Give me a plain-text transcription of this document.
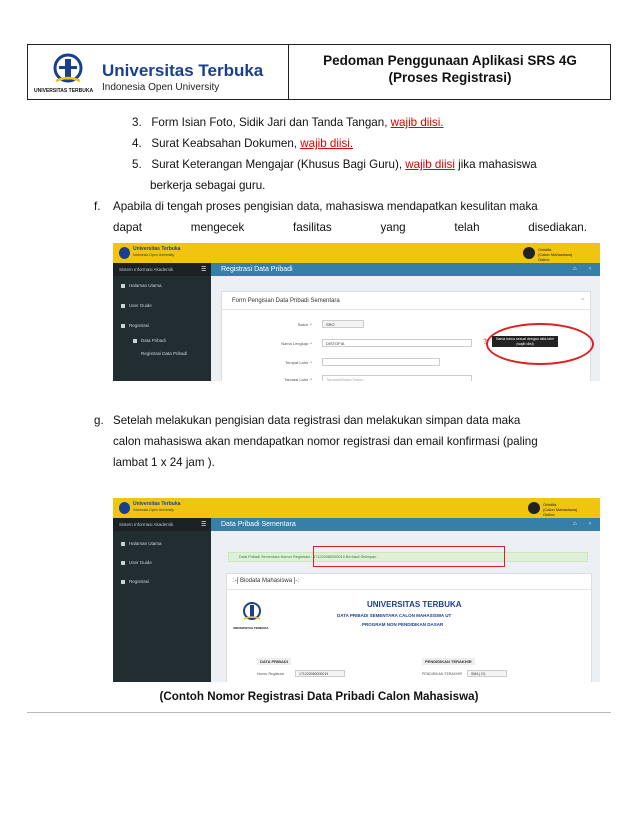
Universitas Terbuka
Indonesia Open University
UNIVERSITAS TERBUKA
Pedoman Penggunaan Aplikasi SRS 4G
(Proses Registrasi)
3. Form Isian Foto, Sidik Jari dan Tanda Tangan, wajib diisi.
4. Surat Keabsahan Dokumen, wajib diisi.
5. Surat Keterangan Mengajar (Khusus Bagi Guru), wajib diisi jika mahasiswa
berkerja sebagai guru.
f. Apabila di tengah proses pengisian data, mahasiswa mendapatkan kesulitan maka
dapat	mengecek	fasilitas	yang	telah	disediakan.
Universitas Terbuka
Indonesia Open University
Ovistifa
(Calon Mahasiswa)
Online
Sistem Informasi Akademik	☰
Halaman Utama
User Guide
Registrasi
Data Pribadi
Registrasi Data Pribadi
Registrasi Data Pribadi	⌂ ‹
Form Pengisian Data Pribadi Sementara	×
Batch :*	SRO
Nama Lengkap :*	DISTOFIA
Tempat Lahir :*
Tanggal Lahir :*	Tanggal/Bulan/Tahun
❓	Nama harus sesuai dengan akta lahir (wajib diisi)
g. Setelah melakukan pengisian data registrasi dan melakukan simpan data maka
calon mahasiswa akan mendapatkan nomor registrasi dan email konfirmasi (paling
lambat 1 x 24 jam ).
Universitas Terbuka
Indonesia Open University
Ovistifa
(Calon Mahasiswa)
Online
Sistem Informasi Akademik	☰
Halaman Utama
User Guide
Registrasi
Data Pribadi Sementara	⌂ ‹
Data Pribadi Sementara Nomor Registrasi : 171220080000019 Berhasil Disimpan
:-[ Biodata Mahasiswa ]-:
UNIVERSITAS TERBUKA
UNIVERSITAS TERBUKA
DATA PRIBADI SEMENTARA CALON MAHASISWA UT
PROGRAM NON PENDIDIKAN DASAR
DATA PRIBADI	PENDIDIKAN TERAKHIR
Nomor Registrasi	171220080000019	PENDIDIKAN TERAKHIR	SMA | D1
(Contoh Nomor Registrasi Data Pribadi Calon Mahasiswa)
